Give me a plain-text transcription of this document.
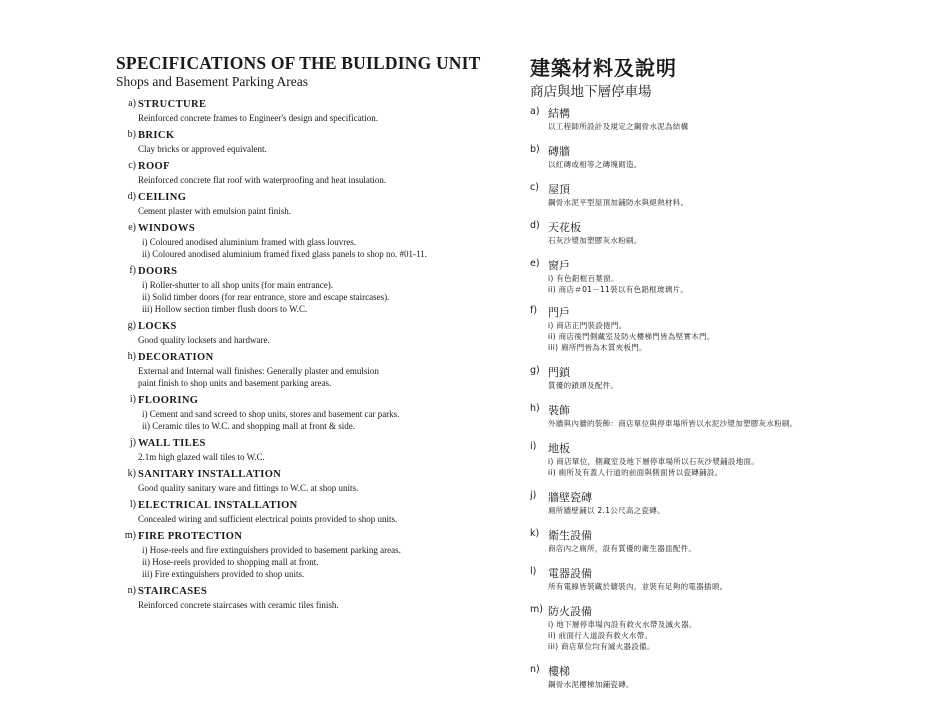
SPECIFICATIONS OF THE BUILDING UNIT
Shops and Basement Parking Areas
a) STRUCTURE
Reinforced concrete frames to Engineer's design and specification.
b) BRICK
Clay bricks or approved equivalent.
c) ROOF
Reinforced concrete flat roof with waterproofing and heat insulation.
d) CEILING
Cement plaster with emulsion paint finish.
e) WINDOWS
i) Coloured anodised aluminium framed with glass louvres.
ii) Coloured anodised aluminium framed fixed glass panels to shop no. #01-11.
f) DOORS
i) Roller-shutter to all shop units (for main entrance).
ii) Solid timber doors (for rear entrance, store and escape staircases).
iii) Hollow section timber flush doors to W.C.
g) LOCKS
Good quality locksets and hardware.
h) DECORATION
External and Internal wall finishes: Generally plaster and emulsion
paint finish to shop units and basement parking areas.
i) FLOORING
i) Cement and sand screed to shop units, stores and basement car parks.
ii) Ceramic tiles to W.C. and shopping mall at front & side.
j) WALL TILES
2.1m high glazed wall tiles to W.C.
k) SANITARY INSTALLATION
Good quality sanitary ware and fittings to W.C. at shop units.
l) ELECTRICAL INSTALLATION
Concealed wiring and sufficient electrical points provided to shop units.
m) FIRE PROTECTION
i) Hose-reels and fire extinguishers provided to basement parking areas.
ii) Hose-reels provided to shopping mall at front.
iii) Fire extinguishers provided to shop units.
n) STAIRCASES
Reinforced concrete staircases with ceramic tiles finish.
建築材料及說明
商店與地下層停車場
a) 結構
以工程師所設計及規定之鋼骨水泥為結構
b) 磚牆
以紅磚或相等之磚塊砌造。
c) 屋頂
鋼骨水泥平型屋頂加鋪防水與絕熱材料。
d) 天花板
石灰沙漿加塑膠灰水粉刷。
e) 窗戶
i) 有色鋁框百葉窗。
ii) 商店＃01－11裝以有色鋁框玻璃片。
f) 門戶
i) 商店正門裝設捲門。
ii) 商店後門側藏室及防火樓梯門皆為堅實木門。
iii) 廁所門皆為木質夾板門。
g) 門鎖
質優的鎖頭及配件。
h) 裝飾
外牆與內牆的裝飾：商店單位與停車場所皆以水泥沙漿加塑膠灰水粉刷。
i)	地板
i) 商店單位，側藏室及地下層停車場所以石灰沙漿鋪設地面。
ii) 廁所及有蓋人行道的前面與側面皆以瓷磚鋪設。
j)	牆壁瓷磚
廁所牆壁鋪以 2.1公尺高之瓷磚。
k) 衛生設備
商店內之廁所，設有質優的衛生器皿配件。
l)	電器設備
所有電線皆裝藏於牆裝內，並裝有足夠的電器插頭。
m) 防火設備
i) 地下層停車場內設有救火水帶及滅火器。
ii) 前面行人道設有救火水帶。
iii) 商店單位均有滅火器設備。
n) 樓梯
鋼骨水泥樓梯加鋪瓷磚。
